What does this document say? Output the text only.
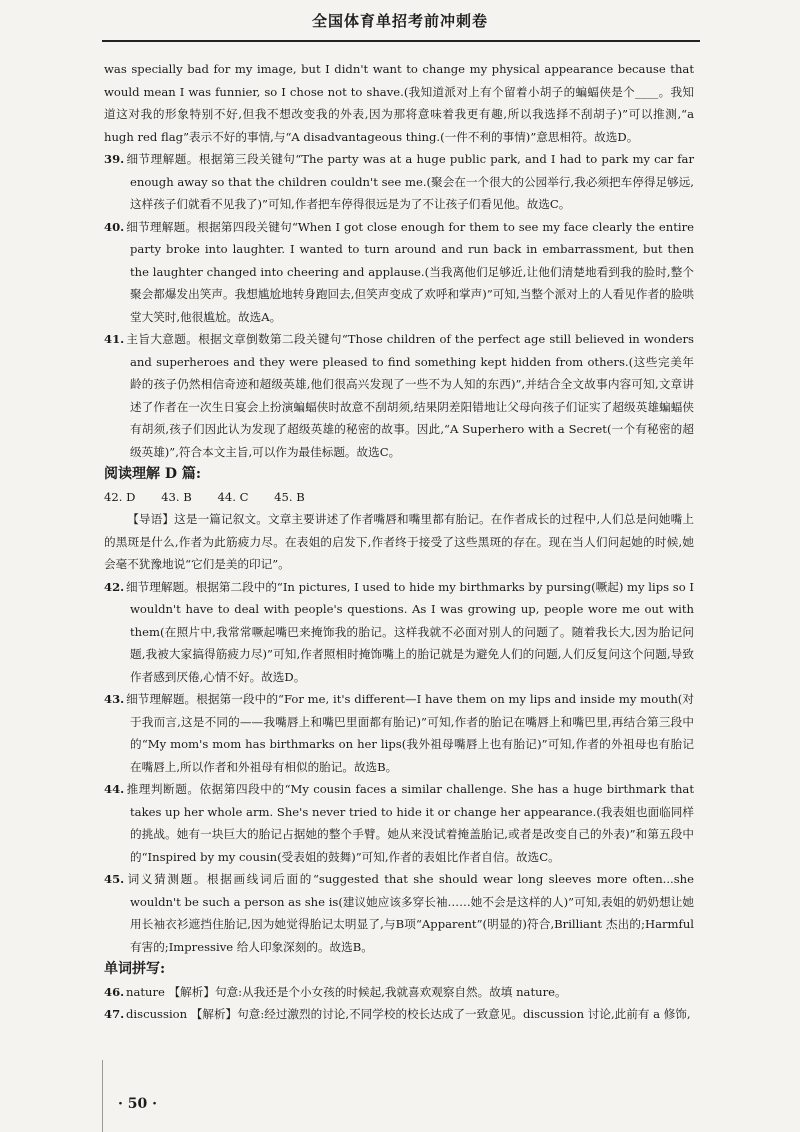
全国体育单招考前冲刺卷

was specially bad for my image, but I didn't want to change my physical appearance because that would mean I was funnier, so I chose not to shave.(我知道派对上有个留着小胡子的蝙蝠侠是个____。我知道这对我的形象特别不好,但我不想改变我的外表,因为那将意味着我更有趣,所以我选择不刮胡子)”可以推测,“a hugh red flag”表示不好的事情,与“A disadvantageous thing.(一件不利的事情)”意思相符。故选D。

39. 细节理解题。根据第三段关键句“The party was at a huge public park, and I had to park my car far enough away so that the children couldn't see me.(聚会在一个很大的公园举行,我必须把车停得足够远,这样孩子们就看不见我了)”可知,作者把车停得很远是为了不让孩子们看见他。故选C。

40. 细节理解题。根据第四段关键句“When I got close enough for them to see my face clearly the entire party broke into laughter. I wanted to turn around and run back in embarrassment, but then the laughter changed into cheering and applause.(当我离他们足够近,让他们清楚地看到我的脸时,整个聚会都爆发出笑声。我想尴尬地转身跑回去,但笑声变成了欢呼和掌声)”可知,当整个派对上的人看见作者的脸哄堂大笑时,他很尴尬。故选A。

41. 主旨大意题。根据文章倒数第二段关键句“Those children of the perfect age still believed in wonders and superheroes and they were pleased to find something kept hidden from others.(这些完美年龄的孩子仍然相信奇迹和超级英雄,他们很高兴发现了一些不为人知的东西)”,并结合全文故事内容可知,文章讲述了作者在一次生日宴会上扮演蝙蝠侠时故意不刮胡须,结果阴差阳错地让父母向孩子们证实了超级英雄蝙蝠侠有胡须,孩子们因此认为发现了超级英雄的秘密的故事。因此,“A Superhero with a Secret(一个有秘密的超级英雄)”,符合本文主旨,可以作为最佳标题。故选C。

阅读理解 D 篇:

42. D 43. B 44. C 45. B

【导语】这是一篇记叙文。文章主要讲述了作者嘴唇和嘴里都有胎记。在作者成长的过程中,人们总是问她嘴上的黑斑是什么,作者为此筋疲力尽。在表姐的启发下,作者终于接受了这些黑斑的存在。现在当人们问起她的时候,她会毫不犹豫地说“它们是美的印记”。

42. 细节理解题。根据第二段中的“In pictures, I used to hide my birthmarks by pursing(噘起) my lips so I wouldn't have to deal with people's questions. As I was growing up, people wore me out with them(在照片中,我常常噘起嘴巴来掩饰我的胎记。这样我就不必面对别人的问题了。随着我长大,因为胎记问题,我被大家搞得筋疲力尽)”可知,作者照相时掩饰嘴上的胎记就是为避免人们的问题,人们反复问这个问题,导致作者感到厌倦,心情不好。故选D。

43. 细节理解题。根据第一段中的“For me, it's different—I have them on my lips and inside my mouth(对于我而言,这是不同的——我嘴唇上和嘴巴里面都有胎记)”可知,作者的胎记在嘴唇上和嘴巴里,再结合第三段中的“My mom's mom has birthmarks on her lips(我外祖母嘴唇上也有胎记)”可知,作者的外祖母也有胎记在嘴唇上,所以作者和外祖母有相似的胎记。故选B。

44. 推理判断题。依据第四段中的“My cousin faces a similar challenge. She has a huge birthmark that takes up her whole arm. She's never tried to hide it or change her appearance.(我表姐也面临同样的挑战。她有一块巨大的胎记占据她的整个手臂。她从来没试着掩盖胎记,或者是改变自己的外表)”和第五段中的“Inspired by my cousin(受表姐的鼓舞)”可知,作者的表姐比作者自信。故选C。

45. 词义猜测题。根据画线词后面的“suggested that she should wear long sleeves more often...she wouldn't be such a person as she is(建议她应该多穿长袖……她不会是这样的人)”可知,表姐的奶奶想让她用长袖衣衫遮挡住胎记,因为她觉得胎记太明显了,与B项“Apparent”(明显的)符合,Brilliant 杰出的;Harmful 有害的;Impressive 给人印象深刻的。故选B。

单词拼写:

46. nature 【解析】句意:从我还是个小女孩的时候起,我就喜欢观察自然。故填 nature。

47. discussion 【解析】句意:经过激烈的讨论,不同学校的校长达成了一致意见。discussion 讨论,此前有 a 修饰,

· 50 ·
